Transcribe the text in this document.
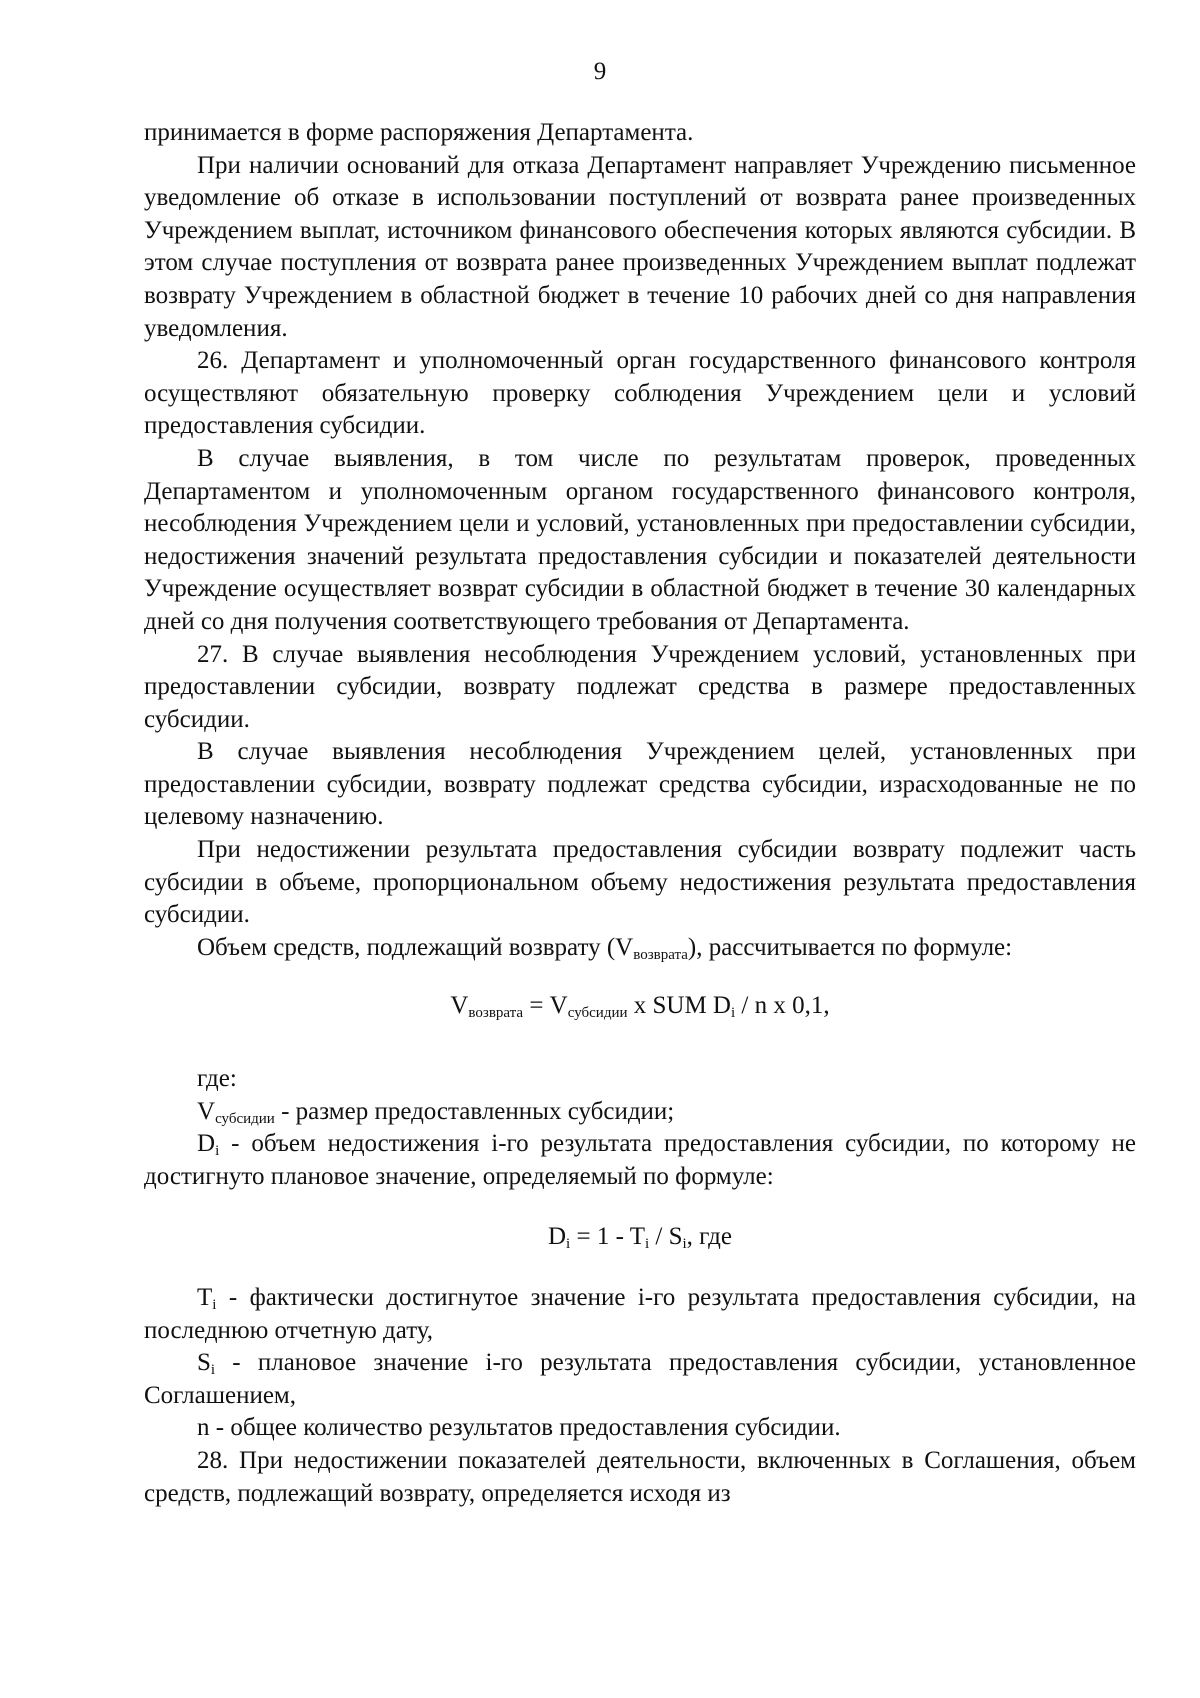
9

принимается в форме распоряжения Департамента.

При наличии оснований для отказа Департамент направляет Учреждению письменное уведомление об отказе в использовании поступлений от возврата ранее произведенных Учреждением выплат, источником финансового обеспечения которых являются субсидии. В этом случае поступления от возврата ранее произведенных Учреждением выплат подлежат возврату Учреждением в областной бюджет в течение 10 рабочих дней со дня направления уведомления.

26. Департамент и уполномоченный орган государственного финансового контроля осуществляют обязательную проверку соблюдения Учреждением цели и условий предоставления субсидии.

В случае выявления, в том числе по результатам проверок, проведенных Департаментом и уполномоченным органом государственного финансового контроля, несоблюдения Учреждением цели и условий, установленных при предоставлении субсидии, недостижения значений результата предоставления субсидии и показателей деятельности Учреждение осуществляет возврат субсидии в областной бюджет в течение 30 календарных дней со дня получения соответствующего требования от Департамента.

27. В случае выявления несоблюдения Учреждением условий, установленных при предоставлении субсидии, возврату подлежат средства в размере предоставленных субсидии.

В случае выявления несоблюдения Учреждением целей, установленных при предоставлении субсидии, возврату подлежат средства субсидии, израсходованные не по целевому назначению.

При недостижении результата предоставления субсидии возврату подлежит часть субсидии в объеме, пропорциональном объему недостижения результата предоставления субсидии.

Объем средств, подлежащий возврату $(V_{возврата})$, рассчитывается по формуле:

$V_{возврата} = V_{субсидии}$ x SUM $D_i$ / n x 0,1,

где:

$V_{субсидии}$ - размер предоставленных субсидии;

$D_i$ - объем недостижения i-го результата предоставления субсидии, по которому не достигнуто плановое значение, определяемый по формуле:

$D_i = 1 - T_i / S_i$, где

$T_i$ - фактически достигнутое значение i-го результата предоставления субсидии, на последнюю отчетную дату,

$S_i$ - плановое значение i-го результата предоставления субсидии, установленное Соглашением,

n - общее количество результатов предоставления субсидии.

28. При недостижении показателей деятельности, включенных в Соглашения, объем средств, подлежащий возврату, определяется исходя из
